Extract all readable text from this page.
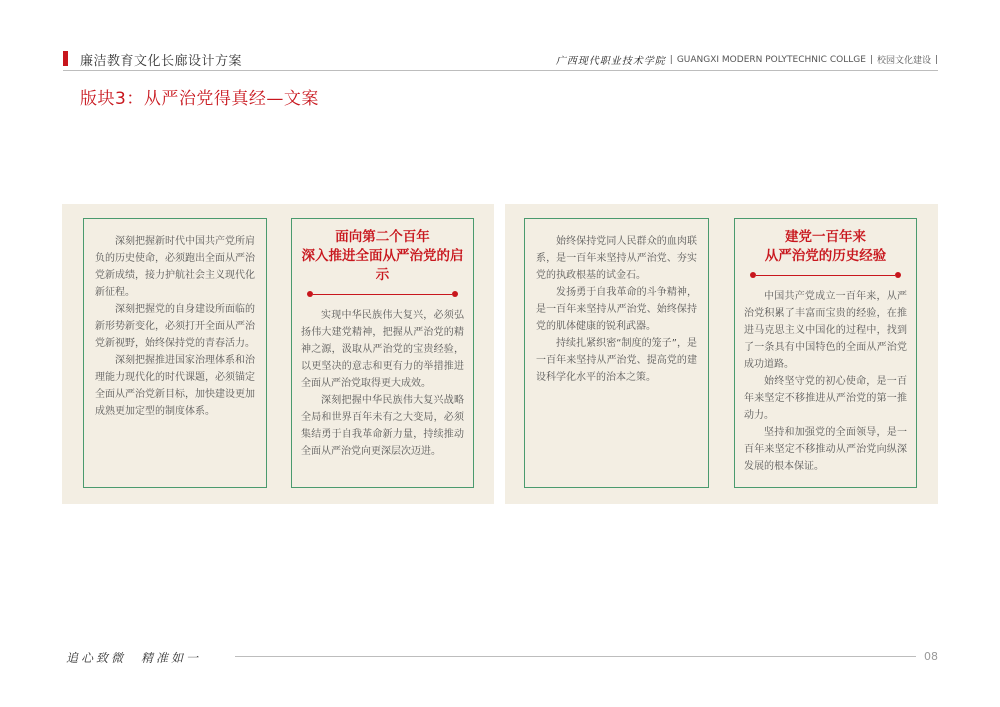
廉洁教育文化长廊设计方案	广西现代职业技术学院 | GUANGXI MODERN POLYTECHNIC COLLGE | 校园文化建设 |
版块3：从严治党得真经—文案

深刻把握新时代中国共产党所肩负的历史使命，必须跑出全面从严治党新成绩，接力护航社会主义现代化新征程。

深刻把握党的自身建设所面临的新形势新变化，必须打开全面从严治党新视野，始终保持党的青春活力。

深刻把握推进国家治理体系和治理能力现代化的时代课题，必须锚定全面从严治党新目标，加快建设更加成熟更加定型的制度体系。

面向第二个百年
深入推进全面从严治党的启示

实现中华民族伟大复兴，必须弘扬伟大建党精神，把握从严治党的精神之源，汲取从严治党的宝贵经验，以更坚决的意志和更有力的举措推进全面从严治党取得更大成效。

深刻把握中华民族伟大复兴战略全局和世界百年未有之大变局，必须集结勇于自我革命新力量，持续推动全面从严治党向更深层次迈进。

始终保持党同人民群众的血肉联系，是一百年来坚持从严治党、夯实党的执政根基的试金石。

发扬勇于自我革命的斗争精神，是一百年来坚持从严治党、始终保持党的肌体健康的锐利武器。

持续扎紧织密“制度的笼子”，是一百年来坚持从严治党、提高党的建设科学化水平的治本之策。

建党一百年来
从严治党的历史经验

中国共产党成立一百年来，从严治党积累了丰富而宝贵的经验，在推进马克思主义中国化的过程中，找到了一条具有中国特色的全面从严治党成功道路。

始终坚守党的初心使命，是一百年来坚定不移推进从严治党的第一推动力。

坚持和加强党的全面领导，是一百年来坚定不移推动从严治党向纵深发展的根本保证。

追心致微　精准如一	08
